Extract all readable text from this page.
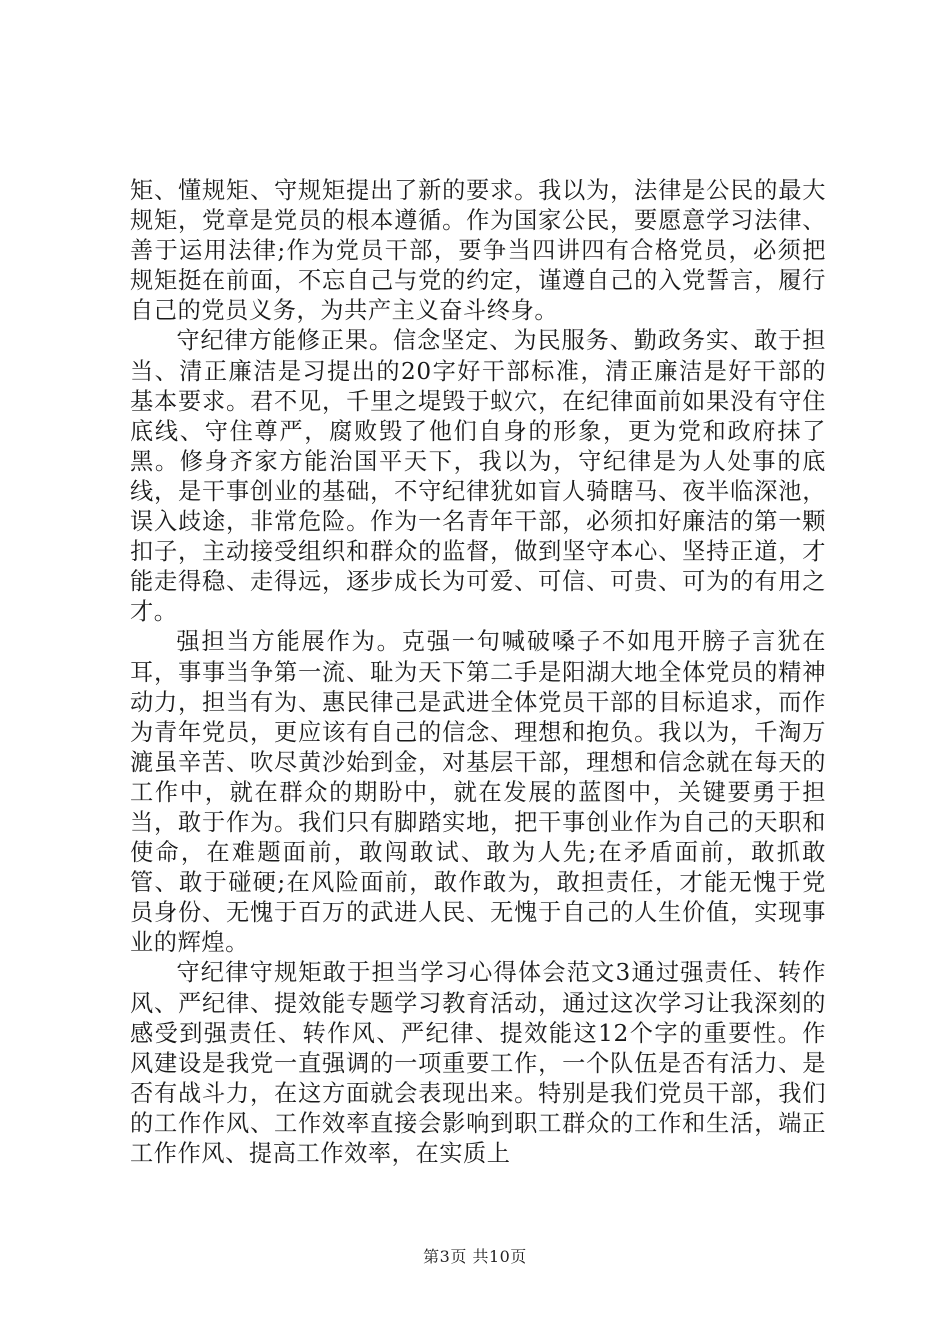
矩、懂规矩、守规矩提出了新的要求。我以为，法律是公民的最大规矩，党章是党员的根本遵循。作为国家公民，要愿意学习法律、善于运用法律;作为党员干部，要争当四讲四有合格党员，必须把规矩挺在前面，不忘自己与党的约定，谨遵自己的入党誓言，履行自己的党员义务，为共产主义奋斗终身。

守纪律方能修正果。信念坚定、为民服务、勤政务实、敢于担当、清正廉洁是习提出的20字好干部标准，清正廉洁是好干部的基本要求。君不见，千里之堤毁于蚁穴，在纪律面前如果没有守住底线、守住尊严，腐败毁了他们自身的形象，更为党和政府抹了黑。修身齐家方能治国平天下，我以为，守纪律是为人处事的底线，是干事创业的基础，不守纪律犹如盲人骑瞎马、夜半临深池，误入歧途，非常危险。作为一名青年干部，必须扣好廉洁的第一颗扣子，主动接受组织和群众的监督，做到坚守本心、坚持正道，才能走得稳、走得远，逐步成长为可爱、可信、可贵、可为的有用之才。

强担当方能展作为。克强一句喊破嗓子不如甩开膀子言犹在耳，事事当争第一流、耻为天下第二手是阳湖大地全体党员的精神动力，担当有为、惠民律己是武进全体党员干部的目标追求，而作为青年党员，更应该有自己的信念、理想和抱负。我以为，千淘万漉虽辛苦、吹尽黄沙始到金，对基层干部，理想和信念就在每天的工作中，就在群众的期盼中，就在发展的蓝图中，关键要勇于担当，敢于作为。我们只有脚踏实地，把干事创业作为自己的天职和使命，在难题面前，敢闯敢试、敢为人先;在矛盾面前，敢抓敢管、敢于碰硬;在风险面前，敢作敢为，敢担责任，才能无愧于党员身份、无愧于百万的武进人民、无愧于自己的人生价值，实现事业的辉煌。

守纪律守规矩敢于担当学习心得体会范文3通过强责任、转作风、严纪律、提效能专题学习教育活动，通过这次学习让我深刻的感受到强责任、转作风、严纪律、提效能这12个字的重要性。作风建设是我党一直强调的一项重要工作，一个队伍是否有活力、是否有战斗力，在这方面就会表现出来。特别是我们党员干部，我们的工作作风、工作效率直接会影响到职工群众的工作和生活，端正工作作风、提高工作效率，在实质上

第3页 共10页
